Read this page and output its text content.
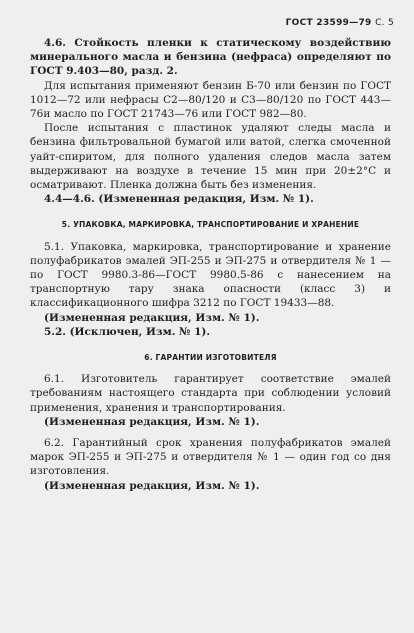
ГОСТ 23599—79 С. 5

4.6. Стойкость пленки к статическому воздействию минерального масла и бензина (нефраса) определяют по ГОСТ 9.403—80, разд. 2.

Для испытания применяют бензин Б-70 или бензин по ГОСТ 1012—72 или нефрасы С2—80/120 и С3—80/120 по ГОСТ 443—76и масло по ГОСТ 21743—76 или ГОСТ 982—80.

После испытания с пластинок удаляют следы масла и бензина фильтровальной бумагой или ватой, слегка смоченной уайт-спиритом, для полного удаления следов масла затем выдерживают на воздухе в течение 15 мин при 20±2°С и осматривают. Пленка должна быть без изменения.

4.4—4.6. (Измененная редакция, Изм. № 1).

5. УПАКОВКА, МАРКИРОВКА, ТРАНСПОРТИРОВАНИЕ И ХРАНЕНИЕ

5.1. Упаковка, маркировка, транспортирование и хранение полуфабрикатов эмалей ЭП-255 и ЭП-275 и отвердителя № 1 — по ГОСТ 9980.3-86—ГОСТ 9980.5-86 с нанесением на транспортную тару знака опасности (класс 3) и классификационного шифра 3212 по ГОСТ 19433—88.

(Измененная редакция, Изм. № 1).

5.2. (Исключен, Изм. № 1).

6. ГАРАНТИИ ИЗГОТОВИТЕЛЯ

6.1. Изготовитель гарантирует соответствие эмалей требованиям настоящего стандарта при соблюдении условий применения, хранения и транспортирования.

(Измененная редакция, Изм. № 1).

6.2. Гарантийный срок хранения полуфабрикатов эмалей марок ЭП-255 и ЭП-275 и отвердителя № 1 — один год со дня изготовления.

(Измененная редакция, Изм. № 1).
